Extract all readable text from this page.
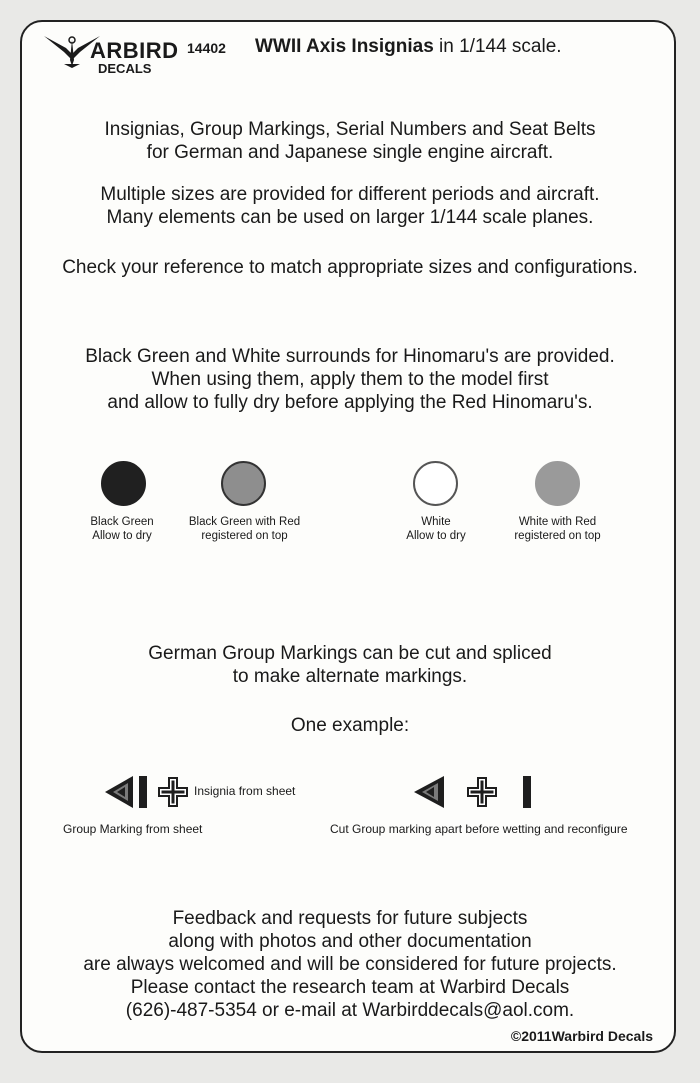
ARBIRD
DECALS
14402 WWII Axis Insignias in 1/144 scale.
Insignias, Group Markings, Serial Numbers and Seat Belts
for German and Japanese single engine aircraft.
Multiple sizes are provided for different periods and aircraft.
Many elements can be used on larger 1/144 scale planes.
Check your reference to match appropriate sizes and configurations.
Black Green and White surrounds for Hinomaru's are provided.
When using them, apply them to the model first
and allow to fully dry before applying the Red Hinomaru's.
Black Green
Allow to dry
Black Green with Red
registered on top
White
Allow to dry
White with Red
registered on top
German Group Markings can be cut and spliced
to make alternate markings.
One example:
Insignia from sheet
Group Marking from sheet	Cut Group marking apart before wetting and reconfigure
Feedback and requests for future subjects
along with photos and other documentation
are always welcomed and will be considered for future projects.
Please contact the research team at Warbird Decals
(626)-487-5354 or e-mail at Warbirddecals@aol.com.
©2011Warbird Decals
